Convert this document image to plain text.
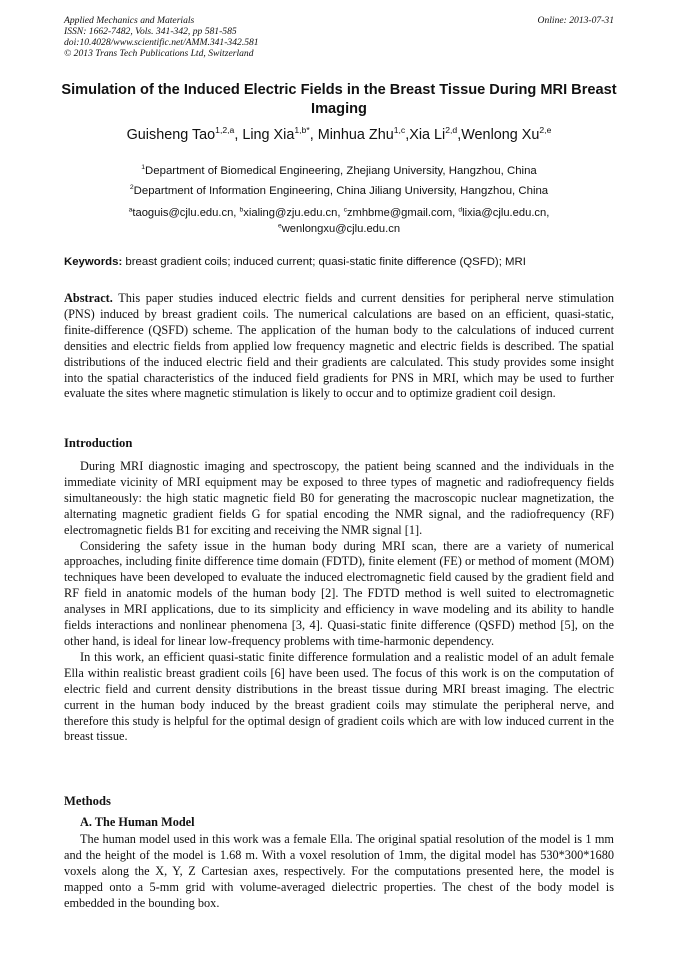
Applied Mechanics and Materials
ISSN: 1662-7482, Vols. 341-342, pp 581-585
doi:10.4028/www.scientific.net/AMM.341-342.581
© 2013 Trans Tech Publications Ltd, Switzerland
Online: 2013-07-31
Simulation of the Induced Electric Fields in the Breast Tissue During MRI Breast Imaging
Guisheng Tao$^{1,2,a}$, Ling Xia$^{1,b*}$, Minhua Zhu$^{1,c}$,Xia Li$^{2,d}$,Wenlong Xu$^{2,e}$
$^1$Department of Biomedical Engineering, Zhejiang University, Hangzhou, China
$^2$Department of Information Engineering, China Jiliang University, Hangzhou, China
$^a$taoguis@cjlu.edu.cn, $^b$xialing@zju.edu.cn, $^c$zmhbme@gmail.com, $^d$lixia@cjlu.edu.cn,
$^e$wenlongxu@cjlu.edu.cn
Keywords: breast gradient coils; induced current; quasi-static finite difference (QSFD); MRI

Abstract. This paper studies induced electric fields and current densities for peripheral nerve stimulation (PNS) induced by breast gradient coils. The numerical calculations are based on an efficient, quasi-static, finite-difference (QSFD) scheme. The application of the human body to the calculations of induced current densities and electric fields from applied low frequency magnetic and electric fields is described. The spatial distributions of the induced electric field and their gradients are calculated. This study provides some insight into the spatial characteristics of the induced field gradients for PNS in MRI, which may be used to further evaluate the sites where magnetic stimulation is likely to occur and to optimize gradient coil design.

Introduction

During MRI diagnostic imaging and spectroscopy, the patient being scanned and the individuals in the immediate vicinity of MRI equipment may be exposed to three types of magnetic and radiofrequency fields simultaneously: the high static magnetic field B0 for generating the macroscopic nuclear magnetization, the alternating magnetic gradient fields G for spatial encoding the NMR signal, and the radiofrequency (RF) electromagnetic fields B1 for exciting and receiving the NMR signal [1].

Considering the safety issue in the human body during MRI scan, there are a variety of numerical approaches, including finite difference time domain (FDTD), finite element (FE) or method of moment (MOM) techniques have been developed to evaluate the induced electromagnetic field caused by the gradient field and RF field in anatomic models of the human body [2]. The FDTD method is well suited to electromagnetic analyses in MRI applications, due to its simplicity and efficiency in wave modeling and its ability to handle fields interactions and nonlinear phenomena [3, 4]. Quasi-static finite difference (QSFD) method [5], on the other hand, is ideal for linear low-frequency problems with time-harmonic dependency.

In this work, an efficient quasi-static finite difference formulation and a realistic model of an adult female Ella within realistic breast gradient coils [6] have been used. The focus of this work is on the computation of electric field and current density distributions in the breast tissue during MRI breast imaging. The electric current in the human body induced by the breast gradient coils may stimulate the peripheral nerve, and therefore this study is helpful for the optimal design of gradient coils which are with low induced current in the breast tissue.

Methods
A. The Human Model

The human model used in this work was a female Ella. The original spatial resolution of the model is 1 mm and the height of the model is 1.68 m. With a voxel resolution of 1mm, the digital model has 530*300*1680 voxels along the X, Y, Z Cartesian axes, respectively. For the computations presented here, the model is mapped onto a 5-mm grid with volume-averaged dielectric properties. The chest of the body model is embedded in the bounding box.
